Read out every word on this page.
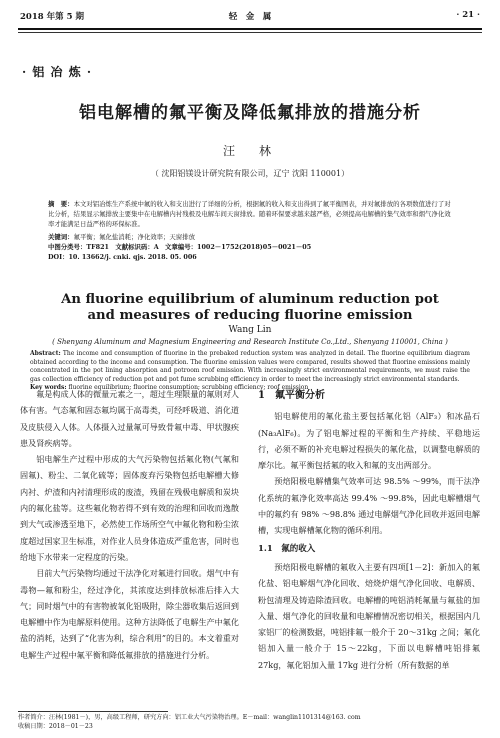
2018 年第 5 期	轻　金　属	· 21 ·
· 铝 冶 炼 ·
铝电解槽的氟平衡及降低氟排放的措施分析
汪　林
（ 沈阳铝镁设计研究院有限公司，辽宁 沈阳 110001）
摘　要：本文对铝冶炼生产系统中氟的收入和支出进行了详细的分析，根据氟的收入和支出得到了氟平衡图表，并对氟排放的各项数值进行了对比分析，结果显示氟排放主要集中在电解槽内衬残极及电解车间天窗排放。随着环保要求越来越严格，必须提高电解槽的集气效率和烟气净化效率才能满足日益严格的环保标准。
关键词：氟平衡；氟化盐消耗；净化效率；天窗排放
中图分类号：TF821　文献标识码：A　文章编号：1002－1752(2018)05－0021－05
DOI：10. 13662/j. cnki. qjs. 2018. 05. 006
An fluorine equilibrium of aluminum reduction pot
and measures of reducing fluorine emission
Wang Lin
( Shenyang Aluminum and Magnesium Engineering and Research Institute Co.,Ltd., Shenyang 110001, China )
Abstract: The income and consumption of fluorine in the prebaked reduction system was analyzed in detail. The fluorine equilibrium diagram obtained according to the income and consumption. The fluorine emission values were compared, results showed that fluorine emissions mainly concentrated in the pot lining absorption and potroom roof emission. With increasingly strict environmental requirements, we must raise the gas collection efficiency of reduction pot and pot fume scrubbing efficiency in order to meet the increasingly strict environmental standards.
Key words: fluorine equilibrium; fluorine consumption; scrubbing efficiency; roof emission

氟是构成人体的微量元素之一，超过生理限量的氟则对人体有害。气态氟和固态氟均属于高毒类，可经呼吸道、消化道及皮肤侵入人体。人体摄入过量氟可导致骨氟中毒、甲状腺疾患及肾疾病等。

铝电解生产过程中形成的大气污染物包括氟化物(气氟和固氟)、粉尘、二氧化硫等；固体废弃污染物包括电解槽大修内衬、炉渣和内衬清理形成的废渣，残留在残极电解质和炭块内的氟化盐等。这些氟化物若得不到有效的治理和回收而逸散到大气或渗透至地下，必然使工作场所空气中氟化物和粉尘浓度超过国家卫生标准，对作业人员身体造成严重危害，同时也给地下水带来一定程度的污染。

目前大气污染物均通过干法净化对氟进行回收。烟气中有毒物—氟和粉尘，经过净化，其浓度达到排放标准后排入大气；同时烟气中的有害物被氧化铝吸附，除尘器收集后返回到电解槽中作为电解原料使用。这种方法降低了电解生产中氟化盐的消耗，达到了“化害为利，综合利用”的目的。本文着重对电解生产过程中氟平衡和降低氟排放的措施进行分析。

1　氟平衡分析

铝电解使用的氟化盐主要包括氟化铝（AlF₃）和冰晶石(Na₃AlF₆)。为了铝电解过程的平衡和生产持续、平稳地运行，必须不断的补充电解过程损失的氟化盐，以调整电解质的摩尔比。氟平衡包括氟的收入和氟的支出两部分。

预焙阳极电解槽集气效率可达 98.5% ～99%，而干法净化系统的氟净化效率高达 99.4% ～99.8%，因此电解槽烟气中的氟约有 98% ～98.8% 通过电解烟气净化回收并返回电解槽，实现电解槽氟化物的循环利用。

1.1　氟的收入

预焙阳极电解槽的氟收入主要有四项[1－2]：新加入的氟化盐、铝电解烟气净化回收、焙烧炉烟气净化回收、电解质、粉包清理及铸造除渣回收。电解槽的吨铝消耗氟量与氟盐的加入量、烟气净化的回收量和电解槽情况密切相关，根据国内几家铝厂的检测数据，吨铝排氟一般介于 20～31kg 之间；氟化铝加入量一般介于 15～22kg，下面以电解槽吨铝排氟27kg，氟化铝加入量 17kg 进行分析（所有数据的单

作者简介：汪林(1981－)，男，高级工程师，研究方向：铝工业大气污染物治理。E－mail：wanglin1101314@163. com
收稿日期：2018－01－23
